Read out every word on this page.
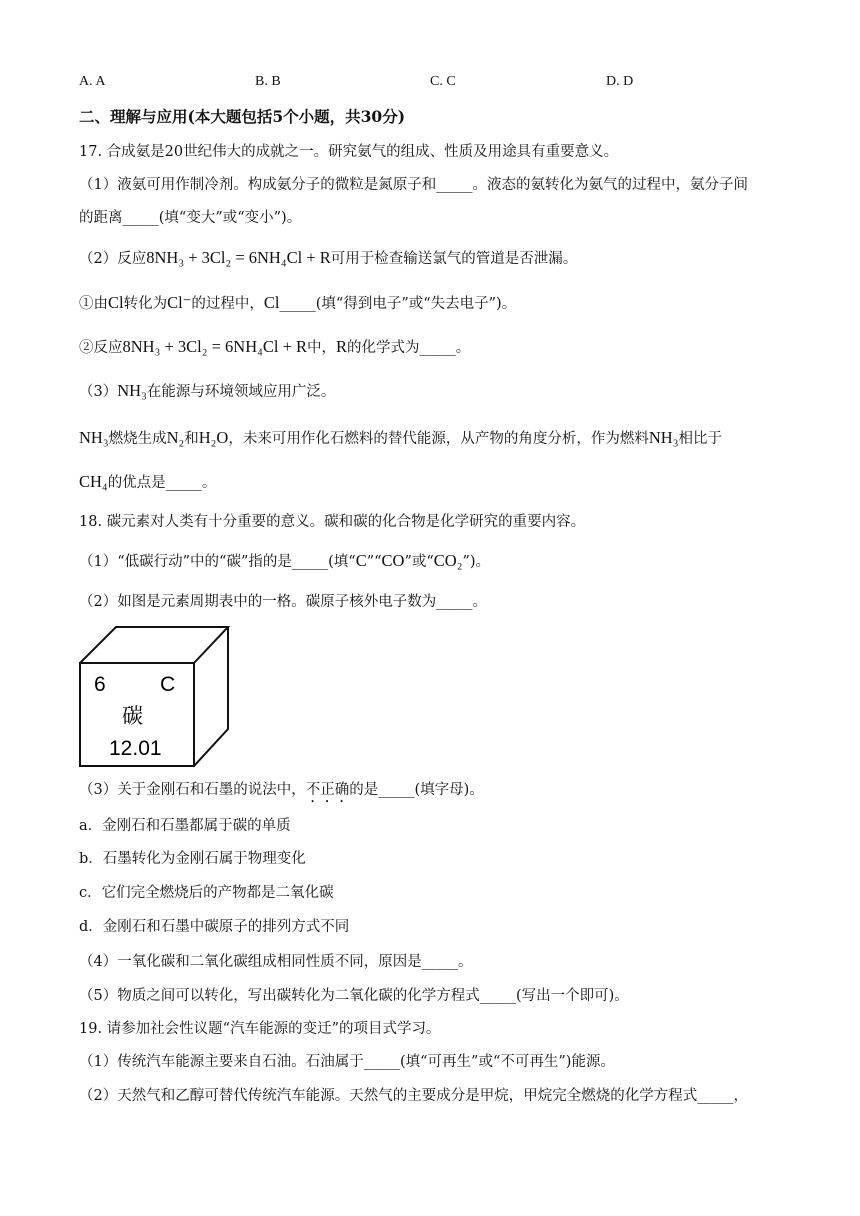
A. A	B. B	C. C	D. D
二、理解与应用(本大题包括5个小题，共30分)
17. 合成氨是20世纪伟大的成就之一。研究氨气的组成、性质及用途具有重要意义。
（1）液氨可用作制冷剂。构成氨分子的微粒是氮原子和_____。液态的氨转化为氨气的过程中，氨分子间
的距离_____(填“变大”或“变小”)。
（2）反应8NH₃ + 3Cl₂ = 6NH₄Cl + R可用于检查输送氯气的管道是否泄漏。
①由Cl转化为Cl⁻的过程中，Cl_____(填“得到电子”或“失去电子”)。
②反应8NH₃ + 3Cl₂ = 6NH₄Cl + R中，R的化学式为_____。
（3）NH₃在能源与环境领域应用广泛。
NH₃燃烧生成N₂和H₂O，未来可用作化石燃料的替代能源，从产物的角度分析，作为燃料NH₃相比于
CH₄的优点是_____。
18. 碳元素对人类有十分重要的意义。碳和碳的化合物是化学研究的重要内容。
（1）“低碳行动”中的“碳”指的是_____(填“C”“CO”或“CO₂”)。
（2）如图是元素周期表中的一格。碳原子核外电子数为_____。
6	C
碳
12.01
（3）关于金刚石和石墨的说法中，不正确的是_____(填字母)。
a．金刚石和石墨都属于碳的单质
b．石墨转化为金刚石属于物理变化
c．它们完全燃烧后的产物都是二氧化碳
d．金刚石和石墨中碳原子的排列方式不同
（4）一氧化碳和二氧化碳组成相同性质不同，原因是_____。
（5）物质之间可以转化，写出碳转化为二氧化碳的化学方程式_____(写出一个即可)。
19. 请参加社会性议题“汽车能源的变迁”的项目式学习。
（1）传统汽车能源主要来自石油。石油属于_____(填“可再生”或“不可再生”)能源。
（2）天然气和乙醇可替代传统汽车能源。天然气的主要成分是甲烷，甲烷完全燃烧的化学方程式_____，
